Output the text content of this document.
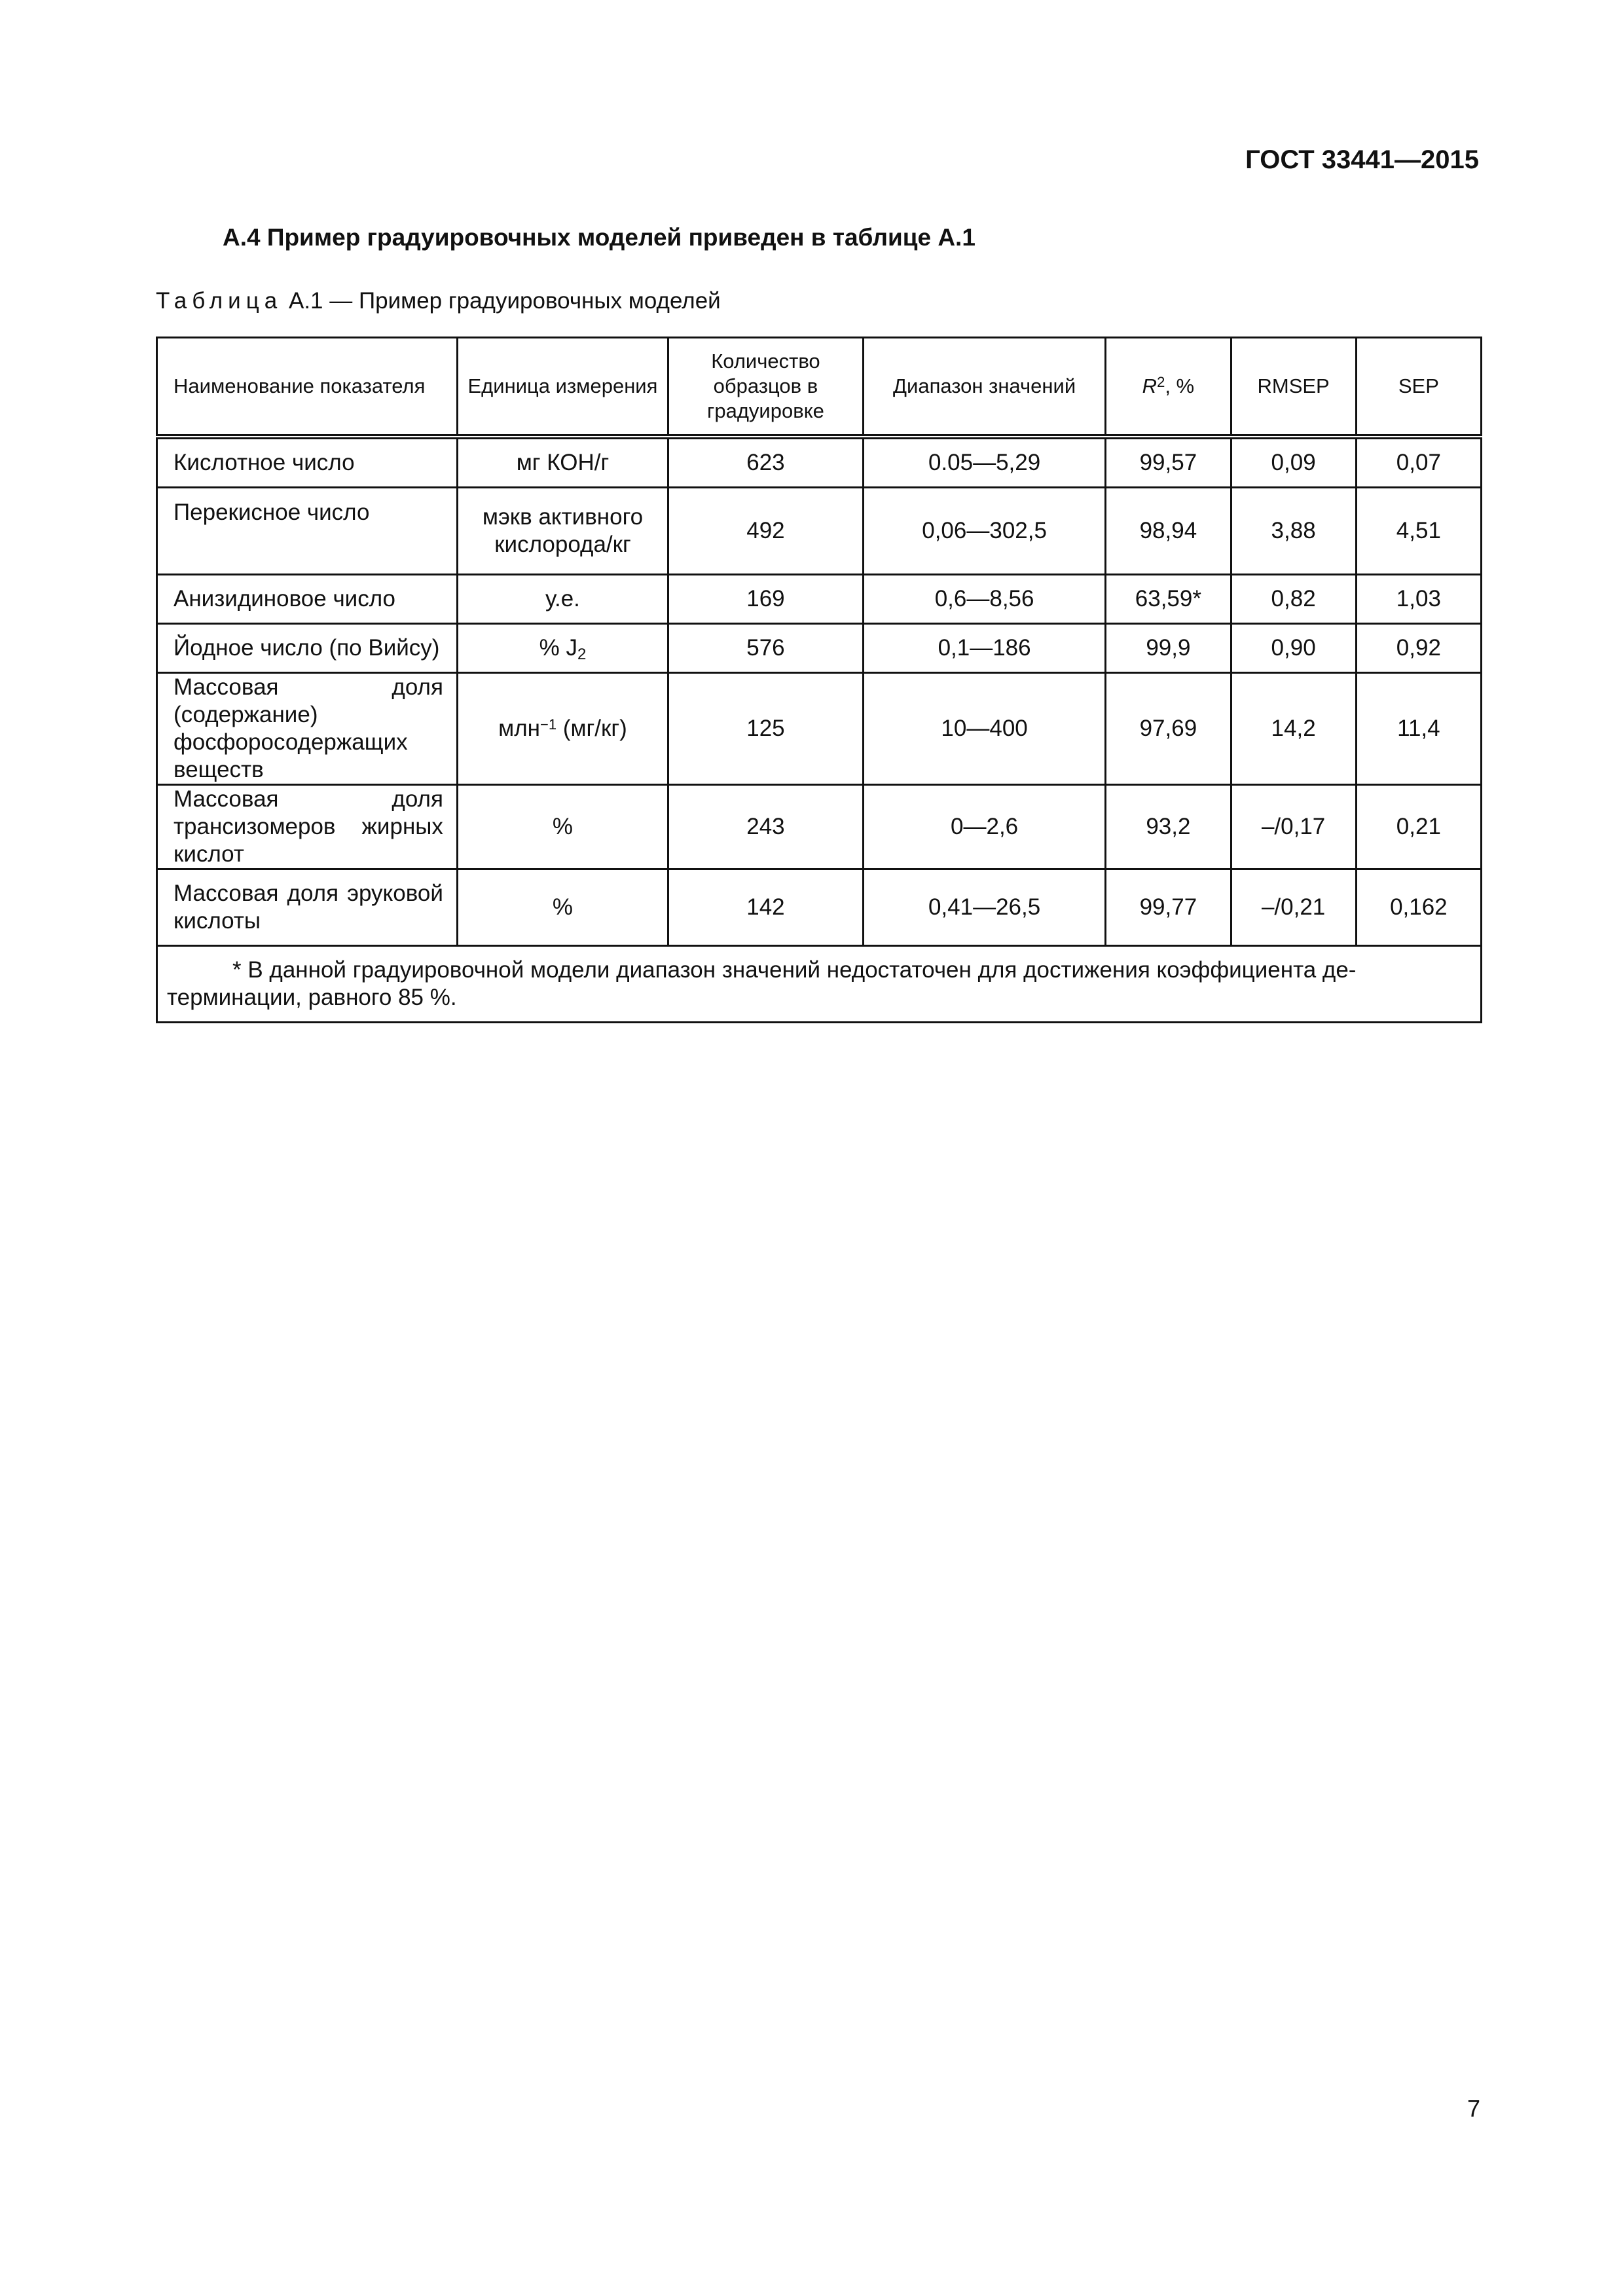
ГОСТ 33441—2015
А.4 Пример градуировочных моделей приведен в таблице А.1
Таблица А.1 — Пример градуировочных моделей
Наименование показателя	Единица измерения	Количество образцов в градуировке	Диапазон значений	$R^2$, %	RMSEP	SEP
Кислотное число	мг КОН/г	623	0.05—5,29	99,57	0,09	0,07
Перекисное число	мэкв активного кислорода/кг	492	0,06—302,5	98,94	3,88	4,51
Анизидиновое число	у.е.	169	0,6—8,56	63,59*	0,82	1,03
Йодное число (по Вийсу)	% $J_2$	576	0,1—186	99,9	0,90	0,92
Массовая доля (содержание) фосфоросодержащих веществ	млн$^{-1}$ (мг/кг)	125	10—400	97,69	14,2	11,4
Массовая доля трансизомеров жирных кислот	%	243	0—2,6	93,2	–/0,17	0,21
Массовая доля эруковой кислоты	%	142	0,41—26,5	99,77	–/0,21	0,162

* В данной градуировочной модели диапазон значений недостаточен для достижения коэффициента де-
терминации, равного 85 %.						
7
